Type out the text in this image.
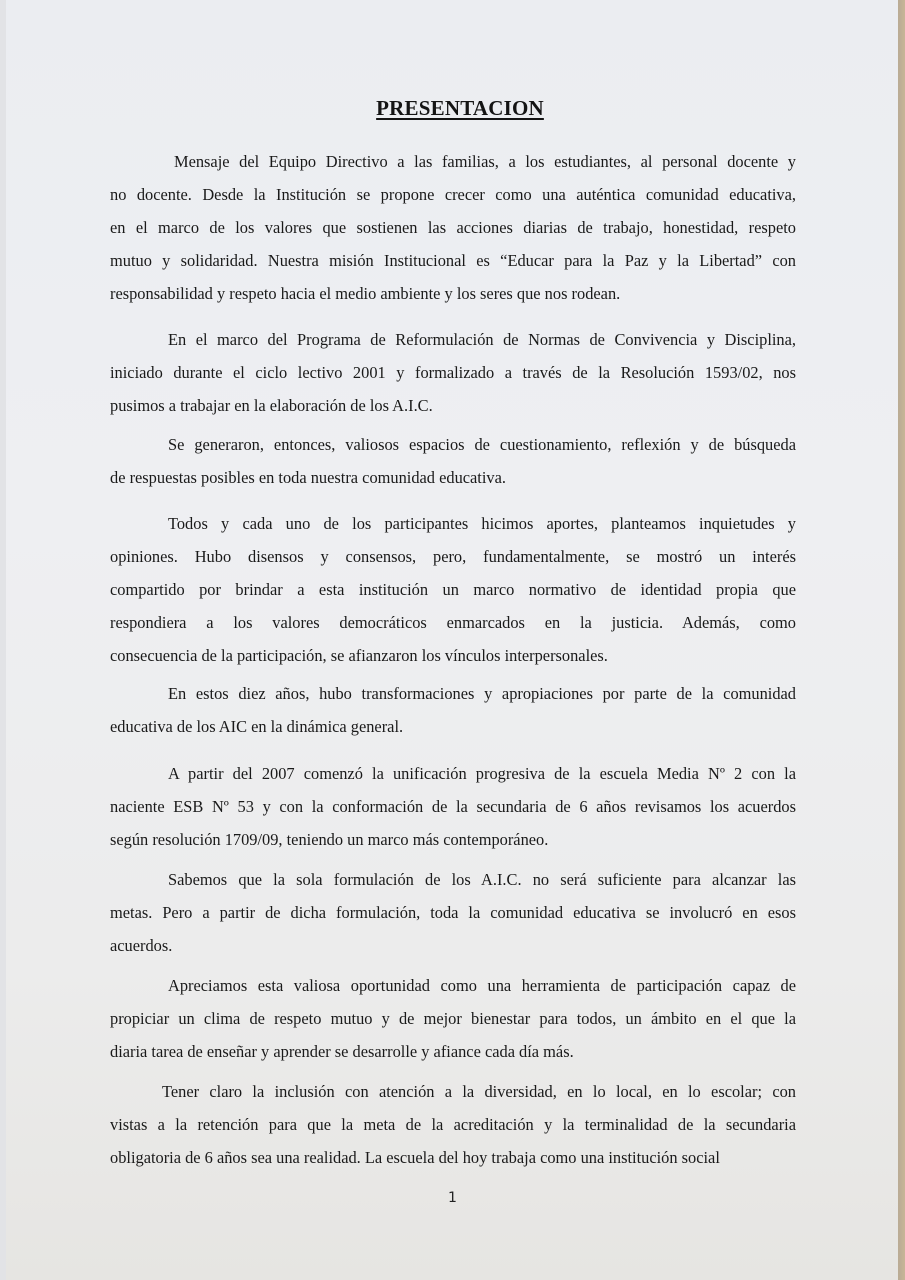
PRESENTACION
Mensaje del Equipo Directivo a las familias, a los estudiantes, al personal docente y
no docente. Desde la Institución se propone crecer como una auténtica comunidad educativa,
en el marco de los valores que sostienen las acciones diarias de trabajo, honestidad, respeto
mutuo y solidaridad. Nuestra misión Institucional es “Educar para la Paz y la Libertad” con
responsabilidad y respeto hacia el medio ambiente y los seres que nos rodean.
En el marco del Programa de Reformulación de Normas de Convivencia y Disciplina,
iniciado durante el ciclo lectivo 2001 y formalizado a través de la Resolución 1593/02, nos
pusimos a trabajar en la elaboración de los A.I.C.
Se generaron, entonces, valiosos espacios de cuestionamiento, reflexión y de búsqueda
de respuestas posibles en toda nuestra comunidad educativa.
Todos y cada uno de los participantes hicimos aportes, planteamos inquietudes y
opiniones. Hubo disensos y consensos, pero, fundamentalmente, se mostró un interés
compartido por brindar a esta institución un marco normativo de identidad propia que
respondiera a los valores democráticos enmarcados en la justicia. Además, como
consecuencia de la participación, se afianzaron los vínculos interpersonales.
En estos diez años, hubo transformaciones y apropiaciones por parte de la comunidad
educativa de los AIC en la dinámica general.
A partir del 2007 comenzó la unificación progresiva de la escuela Media Nº 2 con la
naciente ESB Nº 53 y con la conformación de la secundaria de 6 años revisamos los acuerdos
según resolución 1709/09, teniendo un marco más contemporáneo.
Sabemos que la sola formulación de los A.I.C. no será suficiente para alcanzar las
metas. Pero a partir de dicha formulación, toda la comunidad educativa se involucró en esos
acuerdos.
Apreciamos esta valiosa oportunidad como una herramienta de participación capaz de
propiciar un clima de respeto mutuo y de mejor bienestar para todos, un ámbito en el que la
diaria tarea de enseñar y aprender se desarrolle y afiance cada día más.
Tener claro la inclusión con atención a la diversidad, en lo local, en lo escolar; con
vistas a la retención para que la meta de la acreditación y la terminalidad de la secundaria
obligatoria de 6 años sea una realidad. La escuela del hoy trabaja como una institución social
1
